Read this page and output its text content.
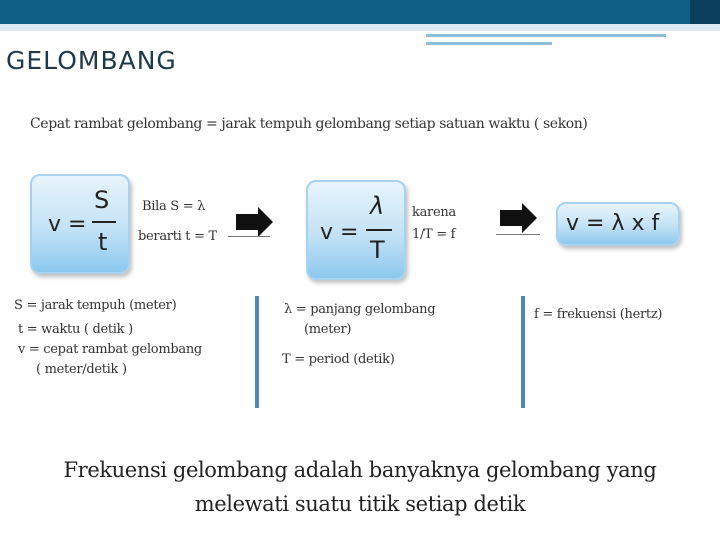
GELOMBANG
Cepat rambat gelombang = jarak tempuh gelombang setiap satuan waktu ( sekon)
v =
S
t
Bila S = λ
berarti t = T	v =
λ
T
karena
1/T = f	v = λ x f
S = jarak tempuh (meter)
t = waktu ( detik )
v = cepat rambat gelombang
( meter/detik )
λ = panjang gelombang
(meter)
T = period (detik)
f = frekuensi (hertz)
Frekuensi gelombang adalah banyaknya gelombang yang
melewati suatu titik setiap detik
